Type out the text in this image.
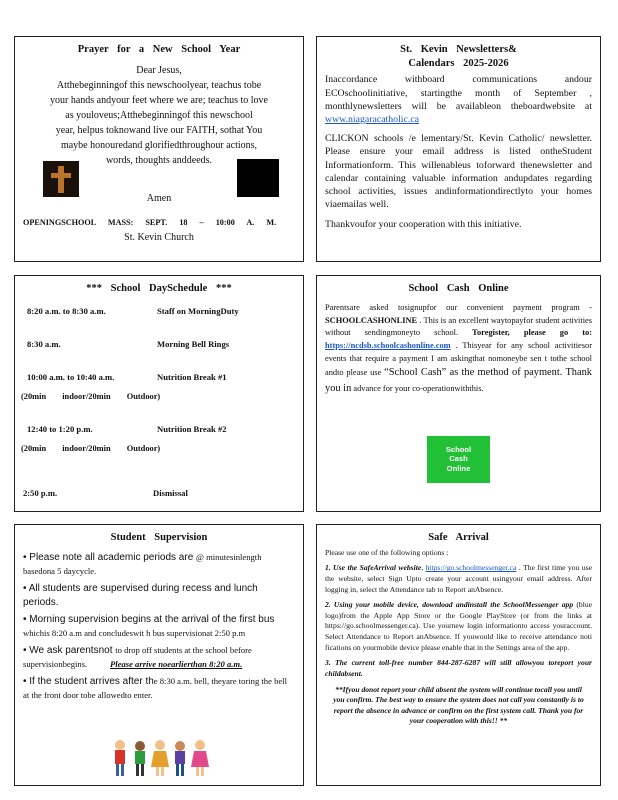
Prayer for a New School Year
Dear Jesus,
Atthebeginningof this newschoolyear, teachus tobe
your hands andyour feet where we are; teachus to love
as youloveus;Atthebeginningof this newschool
year, helpus toknowand live our FAITH, sothat You
maybe honouredand glorifiedthroughour actions,
words, thoughts anddeeds.
Amen
OPENINGSCHOOL MASS: SEPT. 18 – 10:00 A. M.
St. Kevin Church
St. Kevin Newsletters&
Calendars 2025-2026

Inaccordance withboard communications andour ECOschoolinitiative, startingthe month of September , monthlynewsletters will be availableon theboardwebsite at www.niagaracatholic.ca

CLICKON schools /e lementary/St. Kevin Catholic/ newsletter. Please ensure your email address is listed ontheStudent Informationform. This willenableus toforward thenewsletter and calendar containing valuable information andupdates regarding school activities, issues andinformationdirectlyto your homes viaemailas well.

Thankvoufor your cooperation with this initiative.

*** School DaySchedule ***
8:20 a.m. to 8:30 a.m.	Staff on MorningDuty
8:30 a.m.	Morning Bell Rings
10:00 a.m. to 10:40 a.m.	Nutrition Break #1
(20min indoor/20min Outdoor)
12:40 to 1:20 p.m.	Nutrition Break #2
(20min indoor/20min Outdoor)
2:50 p.m.	Dismissal
School Cash Online

Parentsare asked tosignupfor our convenient payment program - SCHOOLCASHONLINE . This is an excellent waytopayfor student activities without sendingmoneyto school. Toregister, please go to: https://ncdsb.schoolcashonline.com . Thisyear for any school activitiesor events that require a payment I am askingthat nomoneybe sen t tothe school andto please use “School Cash” as the method of payment. Thank you in advance for your co-operationwiththis.

School
Cash
Online
Student Supervision

• Please note all academic periods are @ minutesinlength basedona 5 daycycle.

• All students are supervised during recess and lunch periods.

• Morning supervision begins at the arrival of the first bus whichis 8:20 a.m and concludeswit h bus supervisionat 2:50 p.m

• We ask parentsnot to drop off students at the school before supervisionbegins.	Please arrive noearlierthan 8:20 a.m.

• If the student arrives after the 8:30 a.m. bell, theyare toring the bell at the front door tobe allowedto enter.

Safe Arrival

Please use one of the following options :

1. Use the SafeArrival website, https://go.schoolmessenger.ca . The first time you use the website, select Sign Upto create your account usingyour email address. After logging in, select the Attendance tab to Report anAbsence.

2. Using your mobile device, download andinstall the SchoolMessenger app (blue logo)from the Apple App Store or the Google PlayStore (or from the links at https://go.schoolmessenger.ca). Use yournew login informationto access youraccount. Select Attendance to Report anAbsence. If youwould like to receive attendance noti fications on yourmobile device please enable that in the Settings area of the app.

3. The current toll-free number 844-287-6287 will still allowyou toreport your childabsent.

**Ifyou donot report your child absent the system will continue tocall you until you confirm. The best way to ensure the system does not call you constantly is to report the absence in advance or confirm on the first system call. Thank you for your cooperation with this!! **
